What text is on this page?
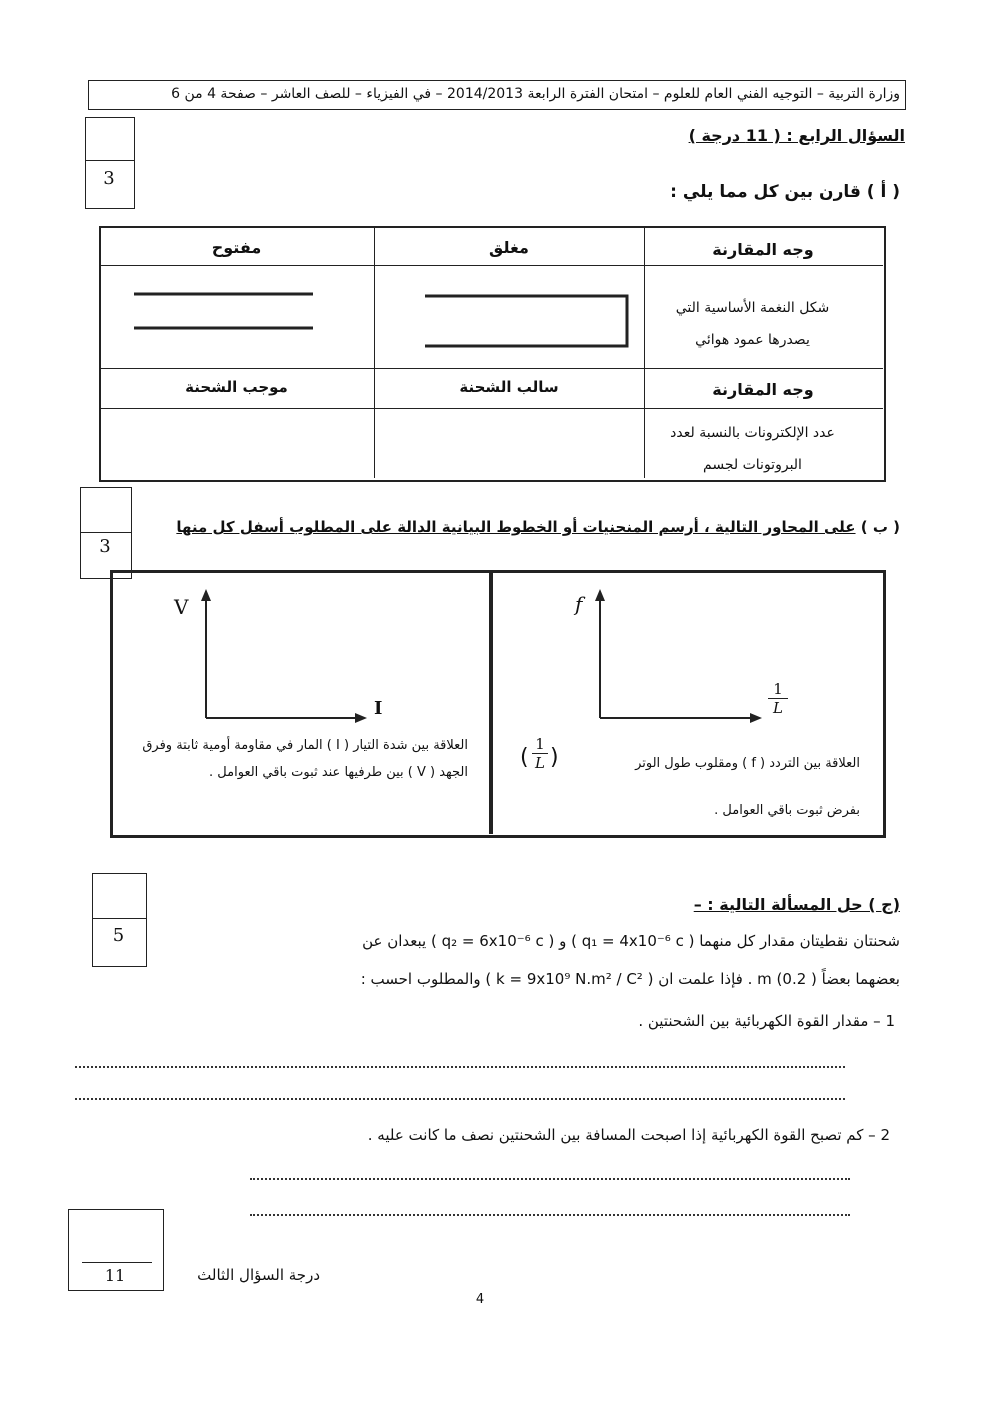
وزارة التربية – التوجيه الفني العام للعلوم – امتحان الفترة الرابعة 2014/2013 – في الفيزياء – للصف العاشر – صفحة 4 من 6
3
السؤال الرابع : ( 11 درجة )
( أ ) قارن بين كل مما يلي :
وجه المقارنة
مغلق
مفتوح
شكل النغمة الأساسية التي يصدرها عمود هوائي
وجه المقارنة
سالب الشحنة
موجب الشحنة
عدد الإلكترونات بالنسبة لعدد البروتونات لجسم
3
( ب ) على المحاور التالية ، أرسم المنحنيات أو الخطوط البيانية الدالة على المطلوب أسفل كل منها
V
I
العلاقة بين شدة التيار ( I ) المار في مقاومة أومية ثابتة وفرق الجهد ( V ) بين طرفيها عند ثبوت باقي العوامل .
f
$\frac{1}{L}$
العلاقة بين التردد ( f ) ومقلوب طول الوتر
$\frac{1}{L}$
( )
بفرض ثبوت باقي العوامل .
5
(ج ) حل المسألة التالية : –
شحنتان نقطيتان مقدار كل منهما ( q₁ = 4x10⁻⁶ c ) و ( q₂ = 6x10⁻⁶ c ) يبعدان عن
بعضهما بعضاً ( 0.2) m . فإذا علمت ان ( k = 9x10⁹ N.m² / C² ) والمطلوب احسب :
1 – مقدار القوة الكهربائية بين الشحنتين .
2 – كم تصبح القوة الكهربائية إذا اصبحت المسافة بين الشحنتين نصف ما كانت عليه .
11	درجة السؤال الثالث
4
